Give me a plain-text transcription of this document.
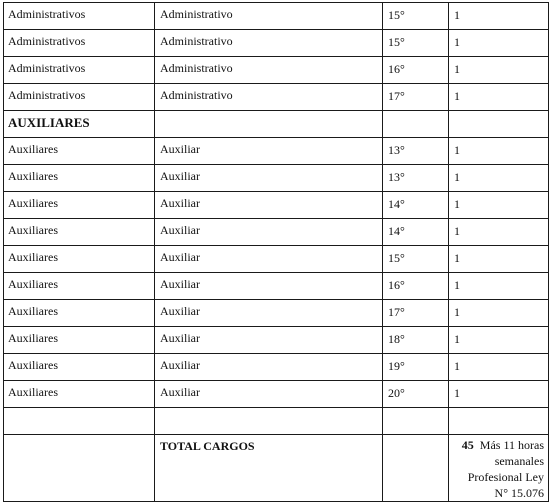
Administrativos	Administrativo	15°	1
Administrativos	Administrativo	15°	1
Administrativos	Administrativo	16°	1
Administrativos	Administrativo	17°	1
AUXILIARES			
Auxiliares	Auxiliar	13°	1
Auxiliares	Auxiliar	13°	1
Auxiliares	Auxiliar	14°	1
Auxiliares	Auxiliar	14°	1
Auxiliares	Auxiliar	15°	1
Auxiliares	Auxiliar	16°	1
Auxiliares	Auxiliar	17°	1
Auxiliares	Auxiliar	18°	1
Auxiliares	Auxiliar	19°	1
Auxiliares	Auxiliar	20°	1

	TOTAL CARGOS		45 Más 11 horas
semanales
Profesional Ley
N° 15.076
